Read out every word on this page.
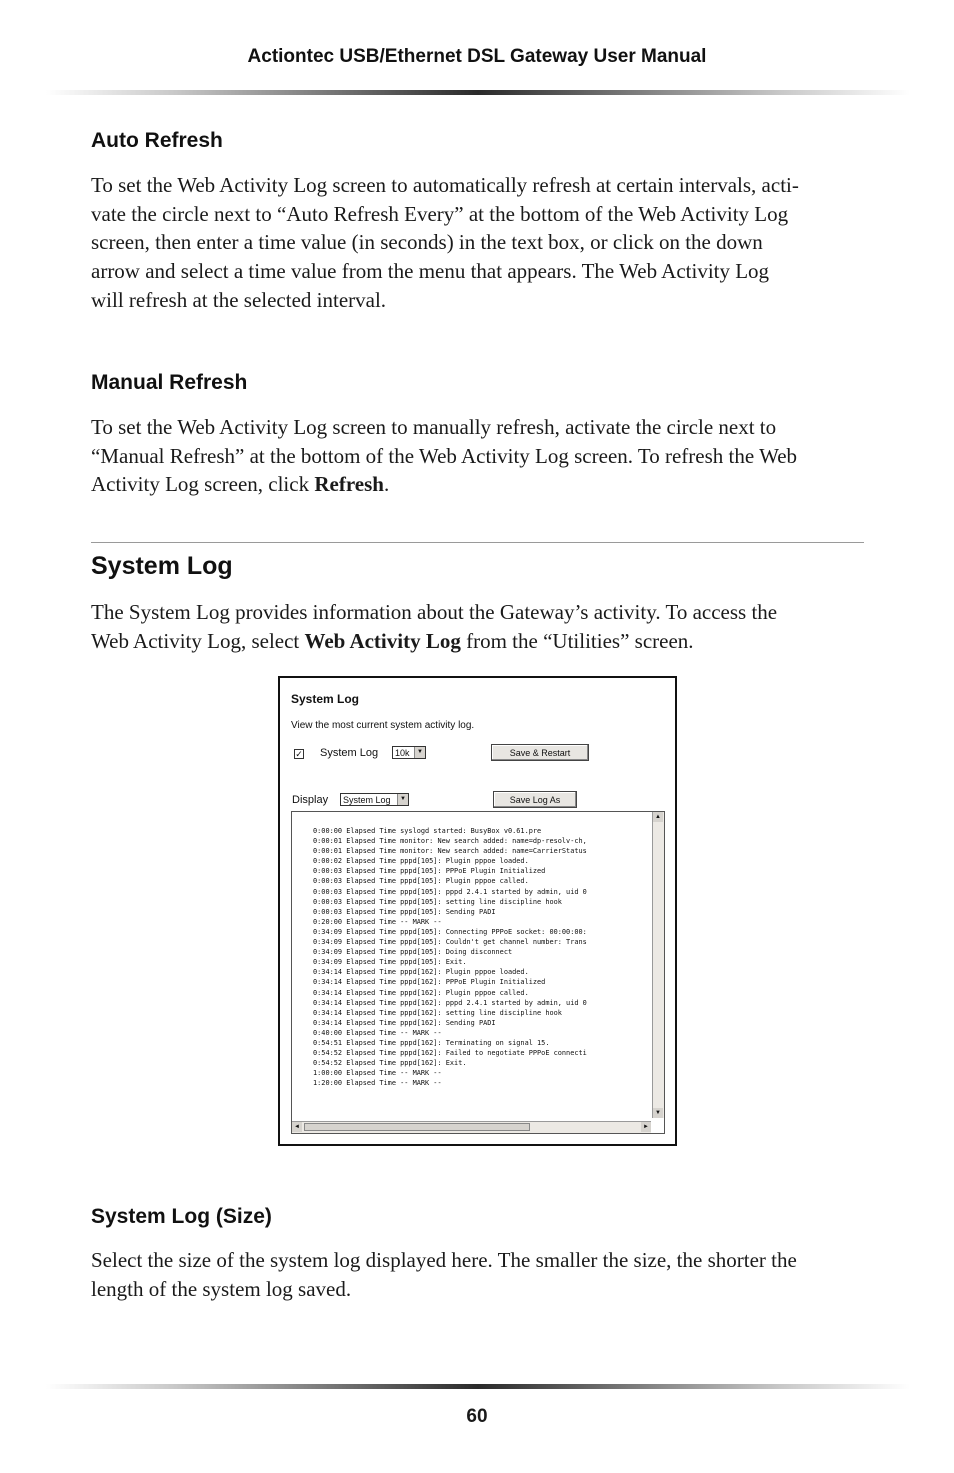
Actiontec USB/Ethernet DSL Gateway User Manual
Auto Refresh
To set the Web Activity Log screen to automatically refresh at certain intervals, acti-
vate the circle next to “Auto Refresh Every” at the bottom of the Web Activity Log
screen, then enter a time value (in seconds) in the text box, or click on the down
arrow and select a time value from the menu that appears. The Web Activity Log
will refresh at the selected interval.
Manual Refresh
To set the Web Activity Log screen to manually refresh, activate the circle next to
“Manual Refresh” at the bottom of the Web Activity Log screen. To refresh the Web
Activity Log screen, click Refresh.
System Log
The System Log provides information about the Gateway’s activity. To access the
Web Activity Log, select Web Activity Log from the “Utilities” screen.
System Log
View the most current system activity log.
✓ System Log	10k	▼	Save & Restart
Display	System Log	▼	Save Log As
0:00:00 Elapsed Time syslogd started: BusyBox v0.61.pre
0:00:01 Elapsed Time monitor: New search added: name=dp-resolv-ch,
0:00:01 Elapsed Time monitor: New search added: name=CarrierStatus
0:00:02 Elapsed Time pppd[105]: Plugin pppoe loaded.
0:00:03 Elapsed Time pppd[105]: PPPoE Plugin Initialized
0:00:03 Elapsed Time pppd[105]: Plugin pppoe called.
0:00:03 Elapsed Time pppd[105]: pppd 2.4.1 started by admin, uid 0
0:00:03 Elapsed Time pppd[105]: setting line discipline hook
0:00:03 Elapsed Time pppd[105]: Sending PADI
0:20:00 Elapsed Time -- MARK --
0:34:09 Elapsed Time pppd[105]: Connecting PPPoE socket: 00:00:00:
0:34:09 Elapsed Time pppd[105]: Couldn't get channel number: Trans
0:34:09 Elapsed Time pppd[105]: Doing disconnect
0:34:09 Elapsed Time pppd[105]: Exit.
0:34:14 Elapsed Time pppd[162]: Plugin pppoe loaded.
0:34:14 Elapsed Time pppd[162]: PPPoE Plugin Initialized
0:34:14 Elapsed Time pppd[162]: Plugin pppoe called.
0:34:14 Elapsed Time pppd[162]: pppd 2.4.1 started by admin, uid 0
0:34:14 Elapsed Time pppd[162]: setting line discipline hook
0:34:14 Elapsed Time pppd[162]: Sending PADI
0:40:00 Elapsed Time -- MARK --
0:54:51 Elapsed Time pppd[162]: Terminating on signal 15.
0:54:52 Elapsed Time pppd[162]: Failed to negotiate PPPoE connecti
0:54:52 Elapsed Time pppd[162]: Exit.
1:00:00 Elapsed Time -- MARK --
1:20:00 Elapsed Time -- MARK --
▲
▼
◄	►
System Log (Size)
Select the size of the system log displayed here. The smaller the size, the shorter the
length of the system log saved.
60
